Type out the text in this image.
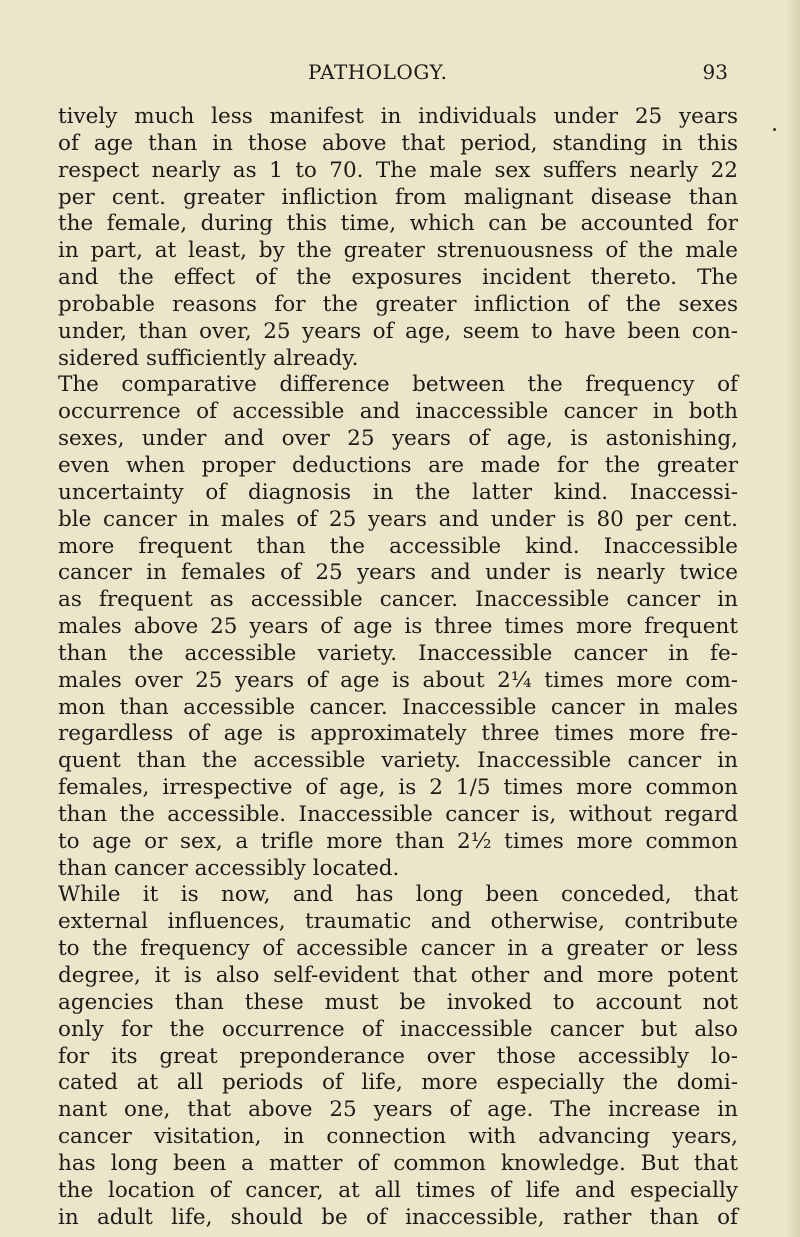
PATHOLOGY.	93
tively much less manifest in individuals under 25 years
of age than in those above that period, standing in this
respect nearly as 1 to 70. The male sex suffers nearly 22
per cent. greater infliction from malignant disease than
the female, during this time, which can be accounted for
in part, at least, by the greater strenuousness of the male
and the effect of the exposures incident thereto. The
probable reasons for the greater infliction of the sexes
under, than over, 25 years of age, seem to have been con-
sidered sufficiently already.
The comparative difference between the frequency of
occurrence of accessible and inaccessible cancer in both
sexes, under and over 25 years of age, is astonishing,
even when proper deductions are made for the greater
uncertainty of diagnosis in the latter kind. Inaccessi-
ble cancer in males of 25 years and under is 80 per cent.
more frequent than the accessible kind. Inaccessible
cancer in females of 25 years and under is nearly twice
as frequent as accessible cancer. Inaccessible cancer in
males above 25 years of age is three times more frequent
than the accessible variety. Inaccessible cancer in fe-
males over 25 years of age is about 2¼ times more com-
mon than accessible cancer. Inaccessible cancer in males
regardless of age is approximately three times more fre-
quent than the accessible variety. Inaccessible cancer in
females, irrespective of age, is 2 1/5 times more common
than the accessible. Inaccessible cancer is, without regard
to age or sex, a trifle more than 2½ times more common
than cancer accessibly located.
While it is now, and has long been conceded, that
external influences, traumatic and otherwise, contribute
to the frequency of accessible cancer in a greater or less
degree, it is also self-evident that other and more potent
agencies than these must be invoked to account not
only for the occurrence of inaccessible cancer but also
for its great preponderance over those accessibly lo-
cated at all periods of life, more especially the domi-
nant one, that above 25 years of age. The increase in
cancer visitation, in connection with advancing years,
has long been a matter of common knowledge. But that
the location of cancer, at all times of life and especially
in adult life, should be of inaccessible, rather than of
